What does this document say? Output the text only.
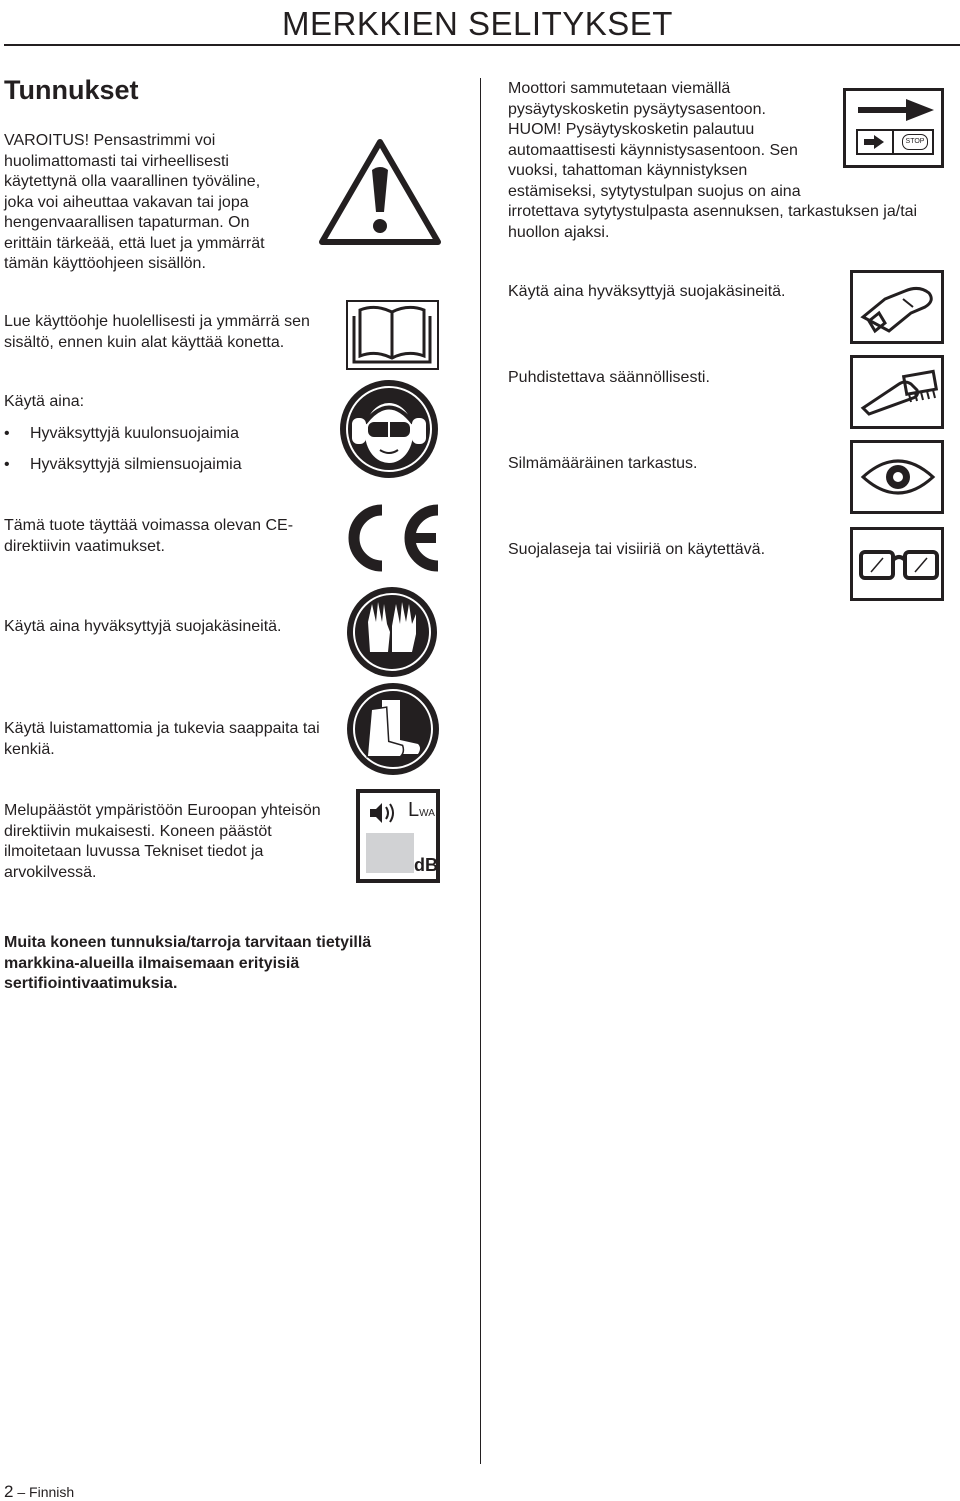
MERKKIEN SELITYKSET
Tunnukset
VAROITUS! Pensastrimmi voi
huolimattomasti tai virheellisesti
käytettynä olla vaarallinen työväline,
joka voi aiheuttaa vakavan tai jopa
hengenvaarallisen tapaturman. On
erittäin tärkeää, että luet ja ymmärrät
tämän käyttöohjeen sisällön.
Lue käyttöohje huolellisesti ja ymmärrä sen
sisältö, ennen kuin alat käyttää konetta.
Käytä aina:
• Hyväksyttyjä kuulonsuojaimia
• Hyväksyttyjä silmiensuojaimia
Tämä tuote täyttää voimassa olevan CE-
direktiivin vaatimukset.
Käytä aina hyväksyttyjä suojakäsineitä.
Käytä luistamattomia ja tukevia saappaita tai
kenkiä.
Melupäästöt ympäristöön Euroopan yhteisön
direktiivin mukaisesti. Koneen päästöt
ilmoitetaan luvussa Tekniset tiedot ja
arvokilvessä.
LWA
dB
Muita koneen tunnuksia/tarroja tarvitaan tietyillä
markkina-alueilla ilmaisemaan erityisiä
sertifiointivaatimuksia.
Moottori sammutetaan viemällä
pysäytyskosketin pysäytysasentoon.
HUOM! Pysäytyskosketin palautuu
automaattisesti käynnistysasentoon. Sen
vuoksi, tahattoman käynnistyksen
estämiseksi, sytytystulpan suojus on aina
irrotettava sytytystulpasta asennuksen, tarkastuksen ja/tai
huollon ajaksi.
STOP
Käytä aina hyväksyttyjä suojakäsineitä.
Puhdistettava säännöllisesti.
Silmämääräinen tarkastus.
Suojalaseja tai visiiriä on käytettävä.
2 – Finnish
